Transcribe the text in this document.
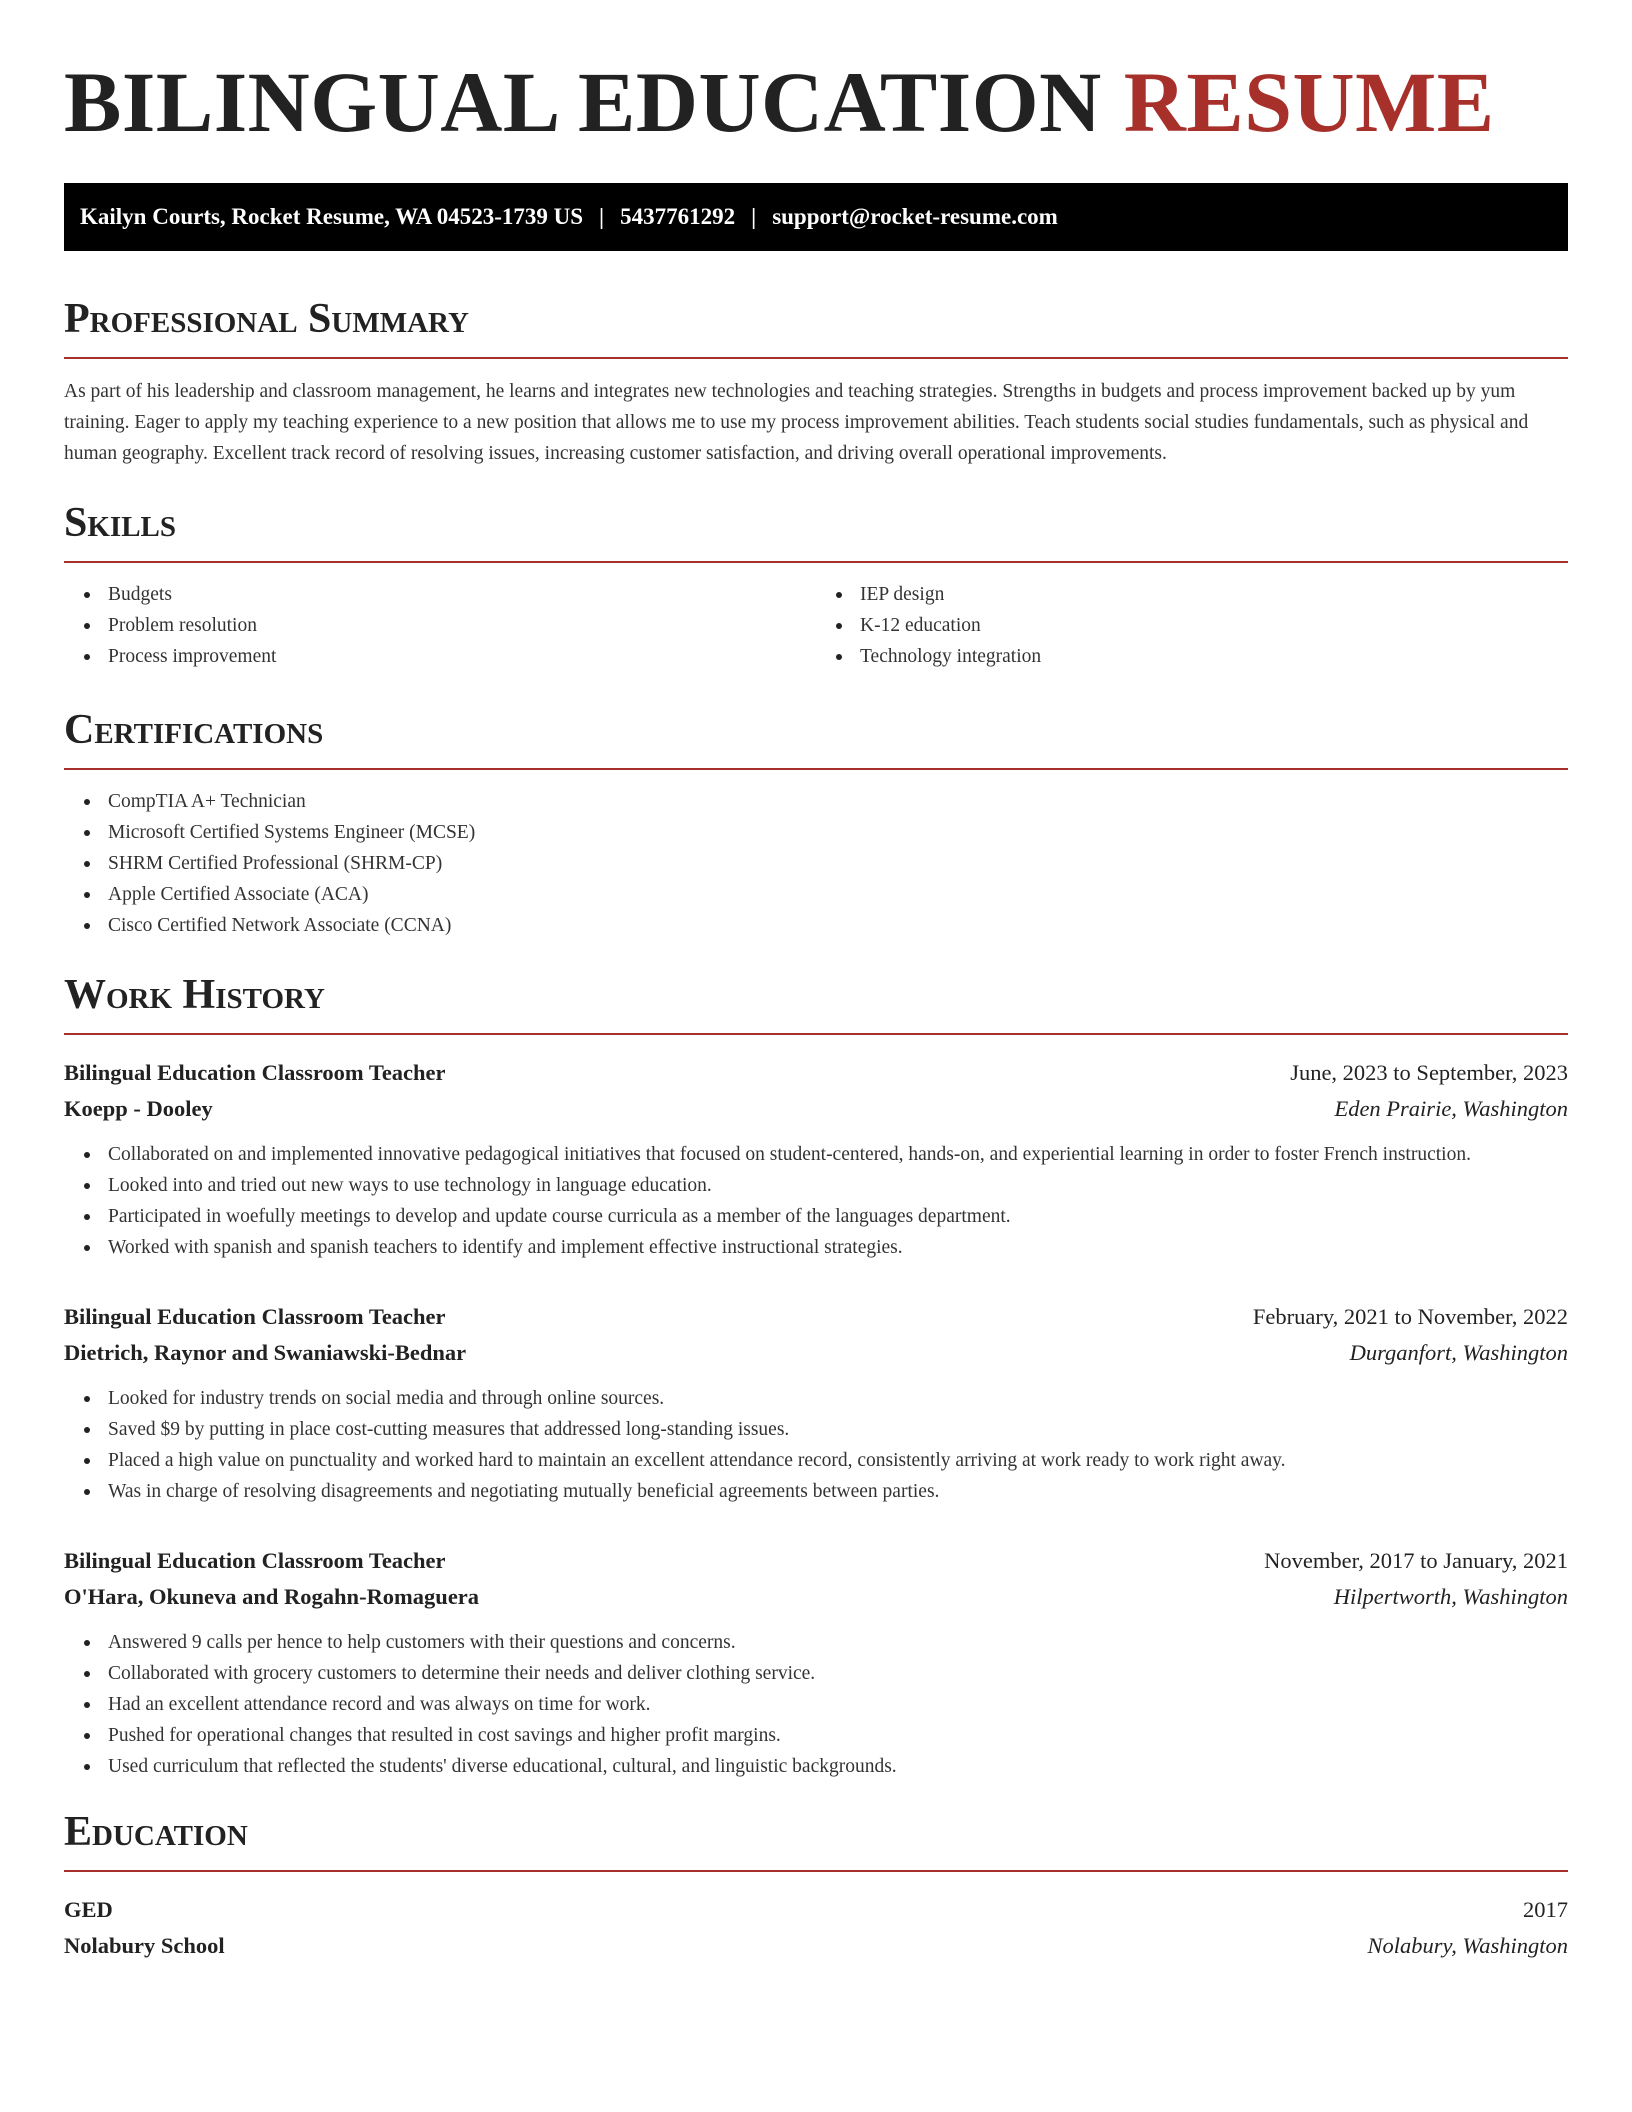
BILINGUAL EDUCATION RESUME
Kailyn Courts, Rocket Resume, WA 04523-1739 US | 5437761292 | support@rocket-resume.com
Professional Summary

As part of his leadership and classroom management, he learns and integrates new technologies and teaching strategies. Strengths in budgets and process improvement backed up by yum training. Eager to apply my teaching experience to a new position that allows me to use my process improvement abilities. Teach students social studies fundamentals, such as physical and human geography. Excellent track record of resolving issues, increasing customer satisfaction, and driving overall operational improvements.

Skills
Budgets
Problem resolution
Process improvement
IEP design
K-12 education
Technology integration
Certifications
CompTIA A+ Technician
Microsoft Certified Systems Engineer (MCSE)
SHRM Certified Professional (SHRM-CP)
Apple Certified Associate (ACA)
Cisco Certified Network Associate (CCNA)
Work History
Bilingual Education Classroom Teacher	June, 2023 to September, 2023
Koepp - Dooley	Eden Prairie, Washington
Collaborated on and implemented innovative pedagogical initiatives that focused on student-centered, hands-on, and experiential learning in order to foster French instruction.
Looked into and tried out new ways to use technology in language education.
Participated in woefully meetings to develop and update course curricula as a member of the languages department.
Worked with spanish and spanish teachers to identify and implement effective instructional strategies.
Bilingual Education Classroom Teacher	February, 2021 to November, 2022
Dietrich, Raynor and Swaniawski-Bednar	Durganfort, Washington
Looked for industry trends on social media and through online sources.
Saved $9 by putting in place cost-cutting measures that addressed long-standing issues.
Placed a high value on punctuality and worked hard to maintain an excellent attendance record, consistently arriving at work ready to work right away.
Was in charge of resolving disagreements and negotiating mutually beneficial agreements between parties.
Bilingual Education Classroom Teacher	November, 2017 to January, 2021
O'Hara, Okuneva and Rogahn-Romaguera	Hilpertworth, Washington
Answered 9 calls per hence to help customers with their questions and concerns.
Collaborated with grocery customers to determine their needs and deliver clothing service.
Had an excellent attendance record and was always on time for work.
Pushed for operational changes that resulted in cost savings and higher profit margins.
Used curriculum that reflected the students' diverse educational, cultural, and linguistic backgrounds.
Education
GED	2017
Nolabury School	Nolabury, Washington
